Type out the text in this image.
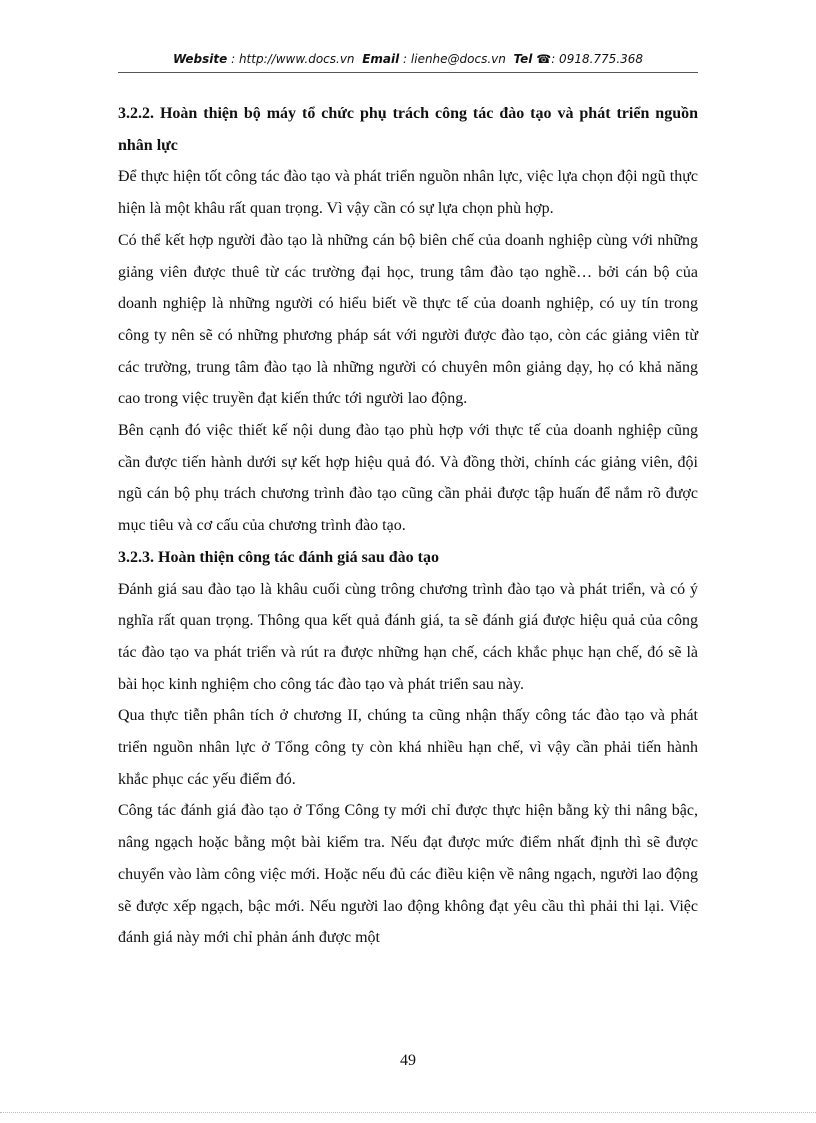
Website : http://www.docs.vn Email : lienhe@docs.vn Tel ☎: 0918.775.368
3.2.2. Hoàn thiện bộ máy tổ chức phụ trách công tác đào tạo và phát triển nguồn nhân lực

Để thực hiện tốt công tác đào tạo và phát triển nguồn nhân lực, việc lựa chọn đội ngũ thực hiện là một khâu rất quan trọng. Vì vậy cần có sự lựa chọn phù hợp.

Có thể kết hợp người đào tạo là những cán bộ biên chế của doanh nghiệp cùng với những giảng viên được thuê từ các trường đại học, trung tâm đào tạo nghề… bởi cán bộ của doanh nghiệp là những người có hiểu biết về thực tế của doanh nghiệp, có uy tín trong công ty nên sẽ có những phương pháp sát với người được đào tạo, còn các giảng viên từ các trường, trung tâm đào tạo là những người có chuyên môn giảng dạy, họ có khả năng cao trong việc truyền đạt kiến thức tới người lao động.

Bên cạnh đó việc thiết kế nội dung đào tạo phù hợp với thực tế của doanh nghiệp cũng cần được tiến hành dưới sự kết hợp hiệu quả đó. Và đồng thời, chính các giảng viên, đội ngũ cán bộ phụ trách chương trình đào tạo cũng cần phải được tập huấn để nắm rõ được mục tiêu và cơ cấu của chương trình đào tạo.

3.2.3. Hoàn thiện công tác đánh giá sau đào tạo

Đánh giá sau đào tạo là khâu cuối cùng trông chương trình đào tạo và phát triển, và có ý nghĩa rất quan trọng. Thông qua kết quả đánh giá, ta sẽ đánh giá được hiệu quả của công tác đào tạo va phát triển và rút ra được những hạn chế, cách khắc phục hạn chế, đó sẽ là bài học kinh nghiệm cho công tác đào tạo và phát triển sau này.

Qua thực tiễn phân tích ở chương II, chúng ta cũng nhận thấy công tác đào tạo và phát triển nguồn nhân lực ở Tổng công ty còn khá nhiều hạn chế, vì vậy cần phải tiến hành khắc phục các yếu điểm đó.

Công tác đánh giá đào tạo ở Tổng Công ty mới chỉ được thực hiện bằng kỳ thi nâng bậc, nâng ngạch hoặc bằng một bài kiểm tra. Nếu đạt được mức điểm nhất định thì sẽ được chuyển vào làm công việc mới. Hoặc nếu đủ các điều kiện về nâng ngạch, người lao động sẽ được xếp ngạch, bậc mới. Nếu người lao động không đạt yêu cầu thì phải thi lại. Việc đánh giá này mới chỉ phản ánh được một

49
